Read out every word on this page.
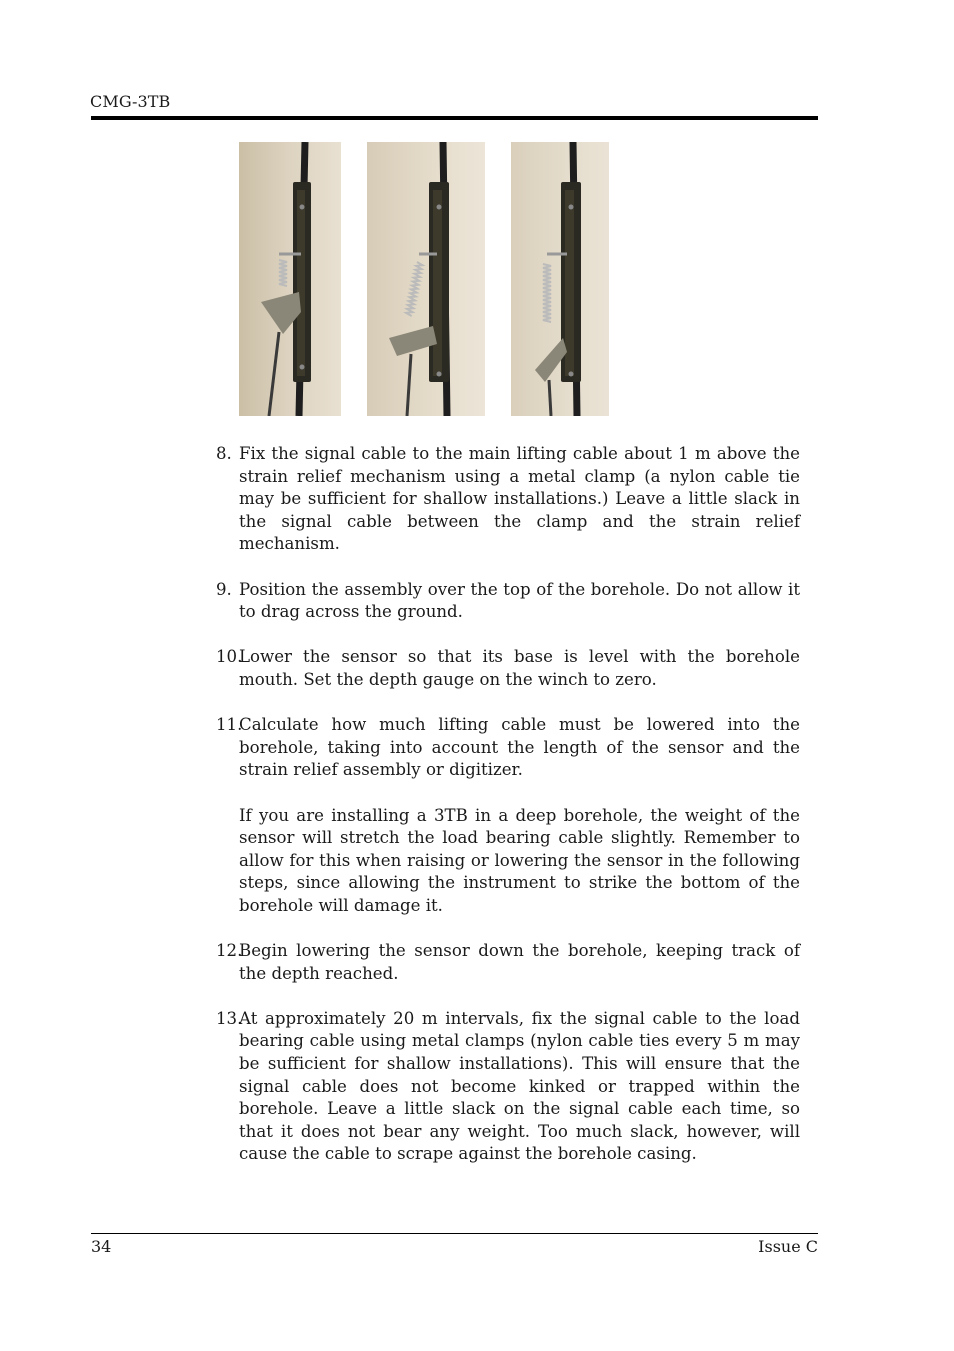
CMG-3TB
8. Fix the signal cable to the main lifting cable about 1 m above the strain relief mechanism using a metal clamp (a nylon cable tie may be sufficient for shallow installations.) Leave a little slack in the signal cable between the clamp and the strain relief mechanism.

9. Position the assembly over the top of the borehole. Do not allow it to drag across the ground.

10.

Lower the sensor so that its base is level with the borehole mouth. Set the depth gauge on the winch to zero.

11.

Calculate how much lifting cable must be lowered into the borehole, taking into account the length of the sensor and the strain relief assembly or digitizer.

If you are installing a 3TB in a deep borehole, the weight of the sensor will stretch the load bearing cable slightly. Remember to allow for this when raising or lowering the sensor in the following steps, since allowing the instrument to strike the bottom of the borehole will damage it.

12.

Begin lowering the sensor down the borehole, keeping track of the depth reached.

13.

At approximately 20 m intervals, fix the signal cable to the load bearing cable using metal clamps (nylon cable ties every 5 m may be sufficient for shallow installations). This will ensure that the signal cable does not become kinked or trapped within the borehole. Leave a little slack on the signal cable each time, so that it does not bear any weight. Too much slack, however, will cause the cable to scrape against the borehole casing.

34	Issue C
